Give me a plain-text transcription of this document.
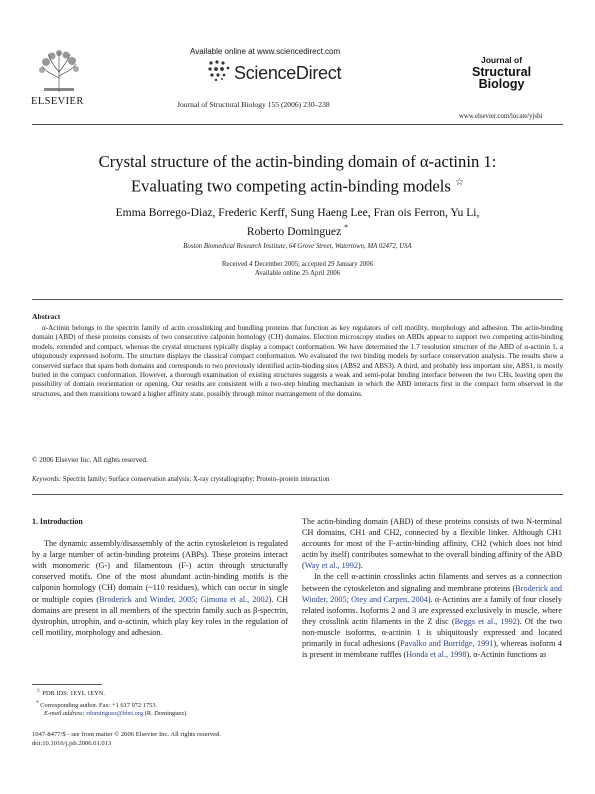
ELSEVIER
Available online at www.sciencedirect.com
ScienceDirect
Journal of Structural Biology 155 (2006) 230–238
Journal of
Structural
Biology
www.elsevier.com/locate/yjsbi
Crystal structure of the actin-binding domain of α-actinin 1:
Evaluating two competing actin-binding models ☆
Emma Borrego-Diaz, Frederic Kerff, Sung Haeng Lee, Fran ois Ferron, Yu Li,
Roberto Dominguez *
Boston Biomedical Research Institute, 64 Grove Street, Watertown, MA 02472, USA
Received 4 December 2005; accepted 29 January 2006
Available online 25 April 2006
Abstract

α-Actinin belongs to the spectrin family of actin crosslinking and bundling proteins that function as key regulators of cell motility, morphology and adhesion. The actin-binding domain (ABD) of these proteins consists of two consecutive calponin homology (CH) domains. Electron microscopy studies on ABDs appear to support two competing actin-binding models, extended and compact, whereas the crystal structures typically display a compact conformation. We have determined the 1.7 resolution structure of the ABD of α-actinin 1, a ubiquitously expressed isoform. The structure displays the classical compact conformation. We evaluated the two binding models by surface conservation analysis. The results show a conserved surface that spans both domains and corresponds to two previously identified actin-binding sites (ABS2 and ABS3). A third, and probably less important site, ABS1, is mostly buried in the compact conformation. However, a thorough examination of existing structures suggests a weak and semi-polar binding interface between the two CHs, leaving open the possibility of domain reorientation or opening. Our results are consistent with a two-step binding mechanism in which the ABD interacts first in the compact form observed in the structures, and then transitions toward a higher affinity state, possibly through minor rearrangement of the domains.

© 2006 Elsevier Inc. All rights reserved.
Keywords: Spectrin family; Surface conservation analysis; X-ray crystallography; Protein–protein interaction

1. Introduction

The dynamic assembly/disassembly of the actin cytoskeleton is regulated by a large number of actin-binding proteins (ABPs). These proteins interact with monomeric (G-) and filamentous (F-) actin through structurally conserved motifs. One of the most abundant actin-binding motifs is the calponin homology (CH) domain (~110 residues), which can occur in single or multiple copies (Broderick and Winder, 2005; Gimona et al., 2002). CH domains are present in all members of the spectrin family such as β-spectrin, dystrophin, utrophin, and α-actinin, which play key roles in the regulation of cell motility, morphology and adhesion.

The actin-binding domain (ABD) of these proteins consists of two N-terminal CH domains, CH1 and CH2, connected by a flexible linker. Although CH1 accounts for most of the F-actin-binding affinity, CH2 (which does not bind actin by itself) contributes somewhat to the overall binding affinity of the ABD (Way et al., 1992).

In the cell α-actinin crosslinks actin filaments and serves as a connection between the cytoskeleton and signaling and membrane proteins (Broderick and Winder, 2005; Otey and Carpen, 2004). α-Actinins are a family of four closely related isoforms. Isoforms 2 and 3 are expressed exclusively in muscle, where they crosslink actin filaments in the Z disc (Beggs et al., 1992). Of the two non-muscle isoforms, α-actinin 1 is ubiquitously expressed and located primarily in focal adhesions (Pavalko and Burridge, 1991), whereas isoform 4 is present in membrane ruffles (Honda et al., 1998). α-Actinin functions as

☆ PDB IDS: 1EYL 1EYN.
* Corresponding author. Fax: +1 617 972 1753.
E-mail address: rdominguez@bbri.org (R. Dominguez).
1047-8477/$ - see front matter © 2006 Elsevier Inc. All rights reserved.
doi:10.1016/j.jsb.2006.01.013
